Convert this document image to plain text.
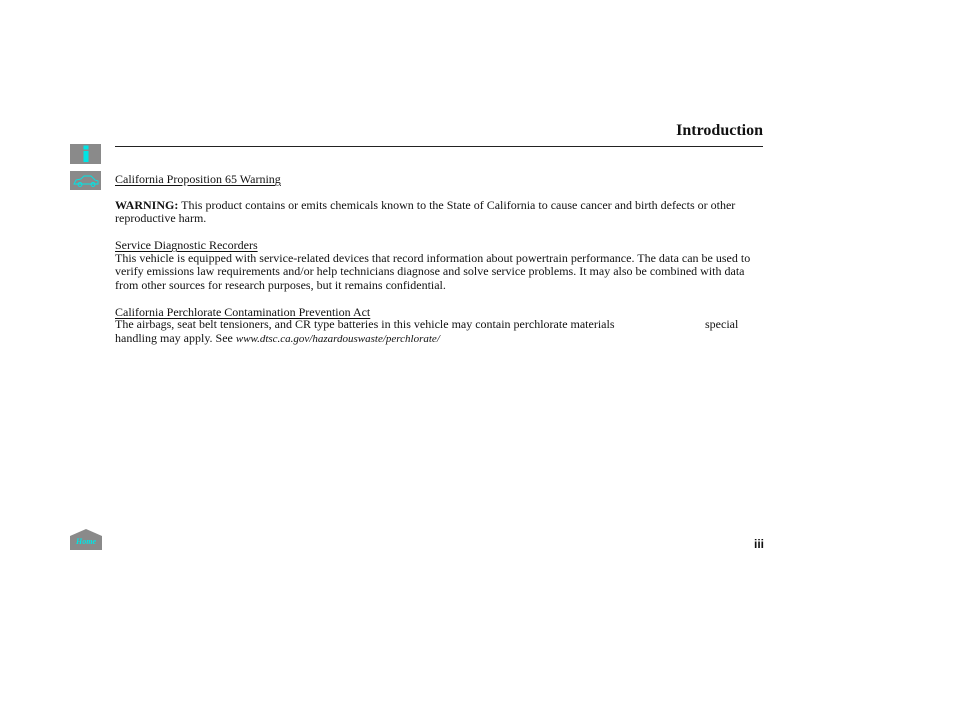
Introduction
Home
California Proposition 65 Warning
WARNING: This product contains or emits chemicals known to the State of California to cause cancer and birth defects or other reproductive harm.
Service Diagnostic Recorders
This vehicle is equipped with service-related devices that record information about powertrain performance. The data can be used to verify emissions law requirements and/or help technicians diagnose and solve service problems. It may also be combined with data from other sources for research purposes, but it remains confidential.
California Perchlorate Contamination Prevention Act
The airbags, seat belt tensioners, and CR type batteries in this vehicle may contain perchlorate materials	special
handling may apply. See www.dtsc.ca.gov/hazardouswaste/perchlorate/
iii
